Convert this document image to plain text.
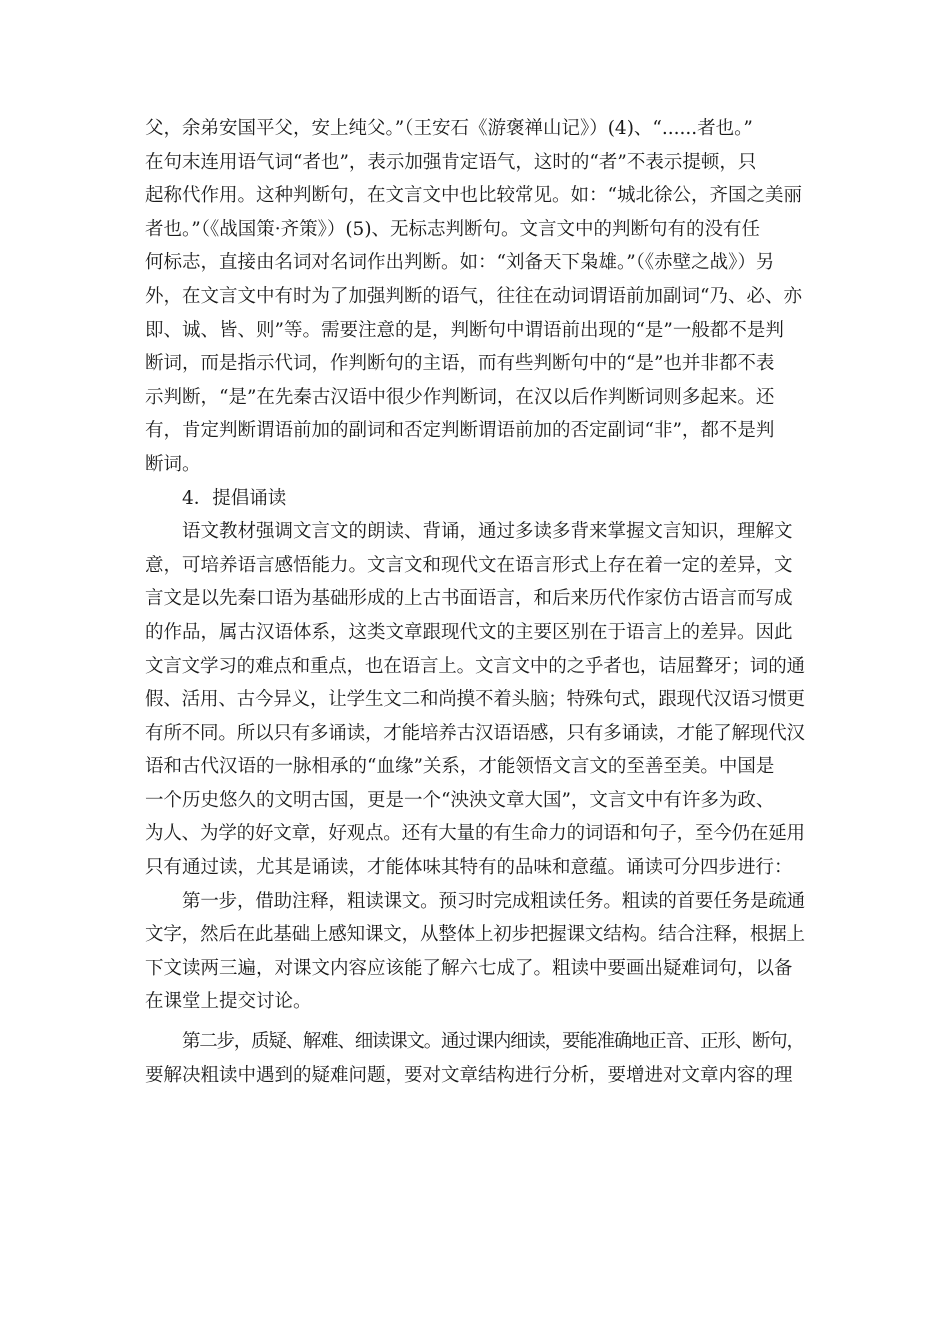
父，余弟安国平父，安上纯父。”（王安石《游褒禅山记》）(4)、“......者也。”
在句末连用语气词“者也”，表示加强肯定语气，这时的“者”不表示提顿，只
起称代作用。这种判断句，在文言文中也比较常见。如：“城北徐公，齐国之美丽
者也。”（《战国策·齐策》）(5)、无标志判断句。文言文中的判断句有的没有任
何标志，直接由名词对名词作出判断。如：“刘备天下枭雄。”（《赤壁之战》）另
外，在文言文中有时为了加强判断的语气，往往在动词谓语前加副词“乃、必、亦
即、诚、皆、则”等。需要注意的是，判断句中谓语前出现的“是”一般都不是判
断词，而是指示代词，作判断句的主语，而有些判断句中的“是”也并非都不表
示判断，“是”在先秦古汉语中很少作判断词，在汉以后作判断词则多起来。还
有，肯定判断谓语前加的副词和否定判断谓语前加的否定副词“非”，都不是判
断词。
4．提倡诵读
语文教材强调文言文的朗读、背诵，通过多读多背来掌握文言知识，理解文
意，可培养语言感悟能力。文言文和现代文在语言形式上存在着一定的差异，文
言文是以先秦口语为基础形成的上古书面语言，和后来历代作家仿古语言而写成
的作品，属古汉语体系，这类文章跟现代文的主要区别在于语言上的差异。因此
文言文学习的难点和重点，也在语言上。文言文中的之乎者也，诘屈聱牙；词的通
假、活用、古今异义，让学生文二和尚摸不着头脑；特殊句式，跟现代汉语习惯更
有所不同。所以只有多诵读，才能培养古汉语语感，只有多诵读，才能了解现代汉
语和古代汉语的一脉相承的“血缘”关系，才能领悟文言文的至善至美。中国是
一个历史悠久的文明古国，更是一个“泱泱文章大国”，文言文中有许多为政、
为人、为学的好文章，好观点。还有大量的有生命力的词语和句子，至今仍在延用
只有通过读，尤其是诵读，才能体味其特有的品味和意蕴。诵读可分四步进行：
第一步，借助注释，粗读课文。预习时完成粗读任务。粗读的首要任务是疏通
文字，然后在此基础上感知课文，从整体上初步把握课文结构。结合注释，根据上
下文读两三遍，对课文内容应该能了解六七成了。粗读中要画出疑难词句，以备
在课堂上提交讨论。
第二步，质疑、解难、细读课文。通过课内细读，要能准确地正音、正形、断句，
要解决粗读中遇到的疑难问题，要对文章结构进行分析，要增进对文章内容的理
